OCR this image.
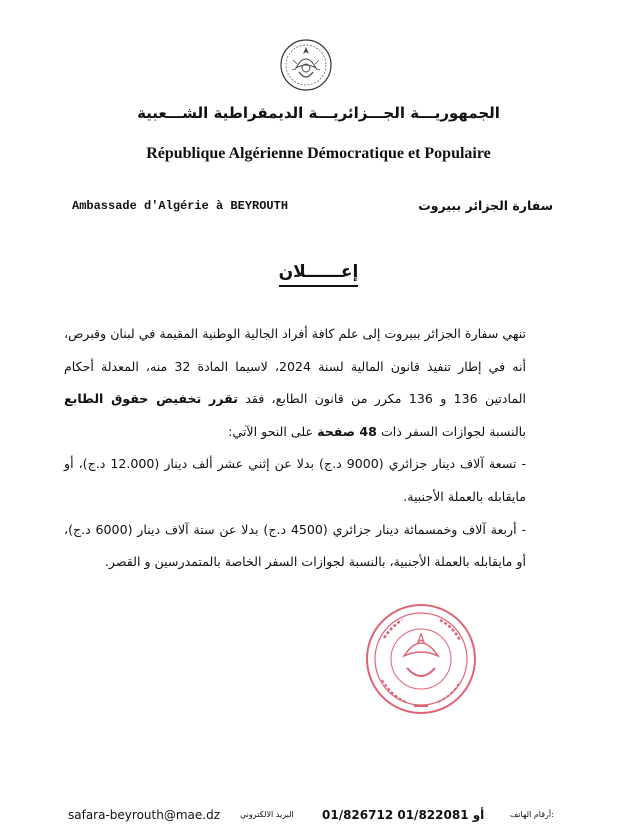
الجمهوريـــة الجـــزائريـــة الديمقراطية الشـــعبية
République Algérienne Démocratique et Populaire
Ambassade d'Algérie à BEYROUTH	سفارة الجزائر ببيروت
إعــــــلان

تنهي سفارة الجزائر ببيروت إلى علم كافة أفراد الجالية الوطنية المقيمة في لبنان وقبرص، أنه في إطار تنفيذ قانون المالية لسنة 2024، لاسيما المادة 32 منه، المعدلة أحكام المادتين 136 و 136 مكرر من قانون الطابع، فقد تقرر تخفيض حقوق الطابع بالنسبة لجوازات السفر ذات 48 صفحة على النحو الآتي:

- تسعة آلاف دينار جزائري (9000 د.ج) بدلا عن إثني عشر ألف دينار (12.000 د.ج)، أو مايقابله بالعملة الأجنبية.

- أربعة آلاف وخمسمائة دينار جزائري (4500 د.ج) بدلا عن ستة آلاف دينار (6000 د.ج)، أو مايقابله بالعملة الأجنبية، بالنسبة لجوازات السفر الخاصة بالمتمدرسين و القصر.

safara-beyrouth@mae.dz	البريد الالكتروني 01/826712 أو 01/822081	أرقام الهاتف:
